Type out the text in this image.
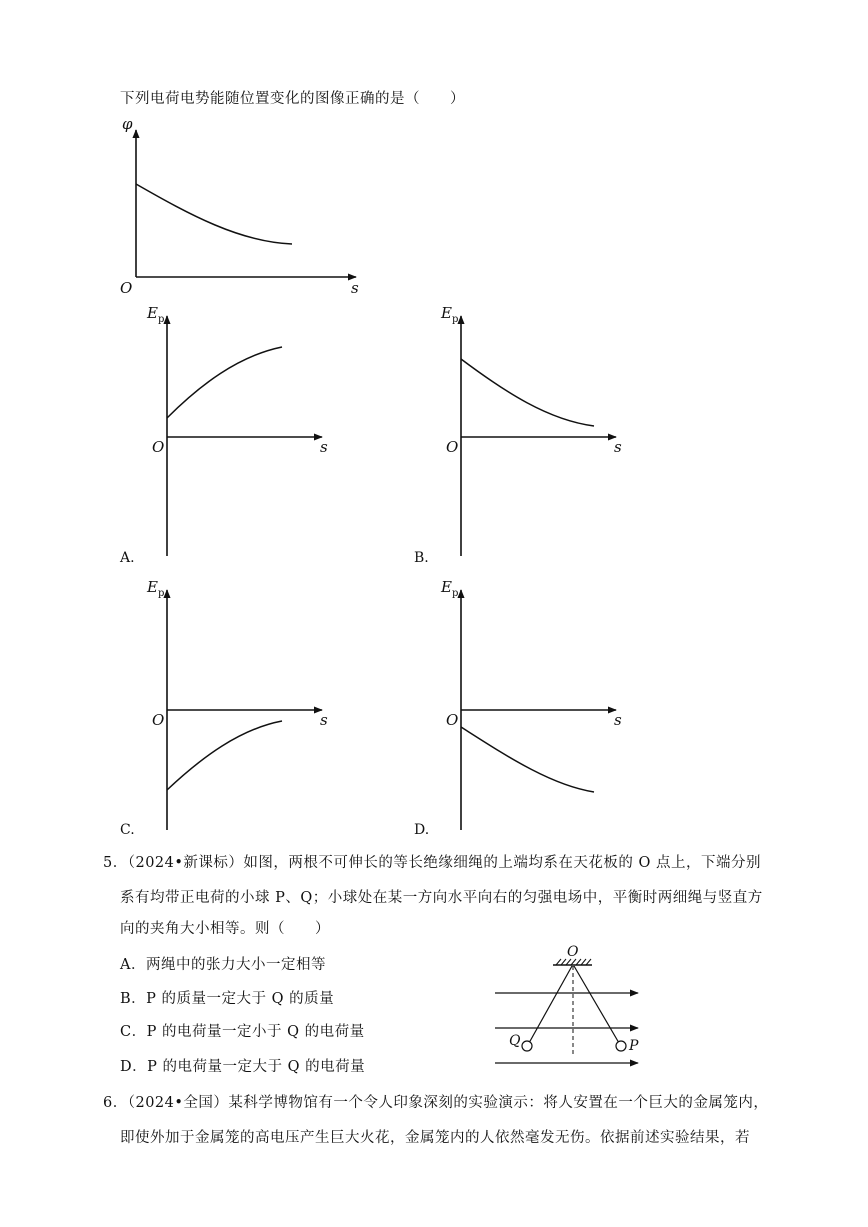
下列电荷电势能随位置变化的图像正确的是（　　）
φ
s
O
$E_p$
s
O
A.
$E_p$
s
O
B.
$E_p$
s
O
C.
$E_p$
s
O
D.
O
Q	P
5．（2024•新课标）如图，两根不可伸长的等长绝缘细绳的上端均系在天花板的 O 点上，下端分别
系有均带正电荷的小球 P、Q；小球处在某一方向水平向右的匀强电场中，平衡时两细绳与竖直方
向的夹角大小相等。则（　　）
A．两绳中的张力大小一定相等
B．P 的质量一定大于 Q 的质量
C．P 的电荷量一定小于 Q 的电荷量
D．P 的电荷量一定大于 Q 的电荷量
6．（2024•全国）某科学博物馆有一个令人印象深刻的实验演示：将人安置在一个巨大的金属笼内，
即使外加于金属笼的高电压产生巨大火花，金属笼内的人依然毫发无伤。依据前述实验结果，若
